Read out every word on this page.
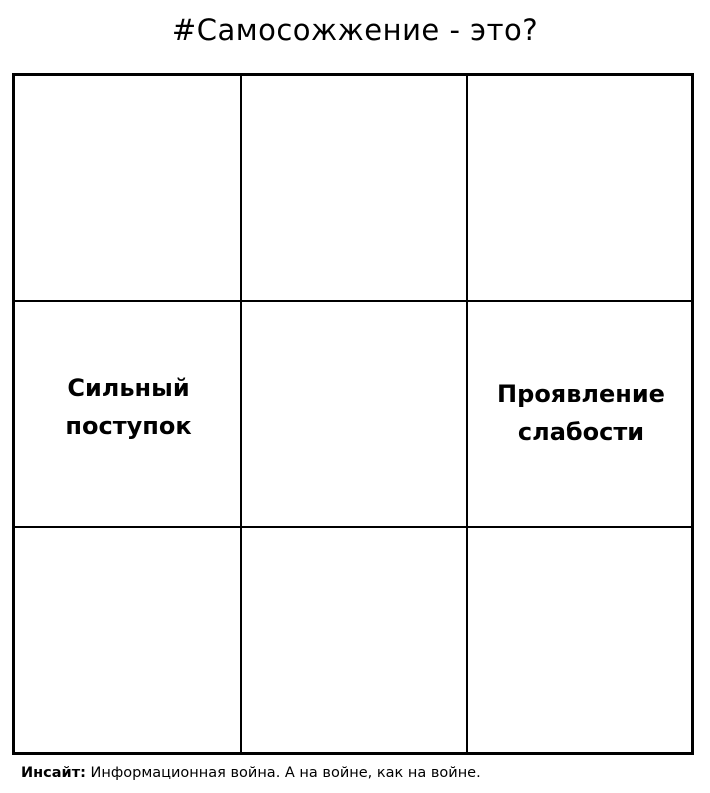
#Самосожжение - это?
Сильный
поступок
Проявление
слабости
Инсайт: Информационная война. А на войне, как на войне.
